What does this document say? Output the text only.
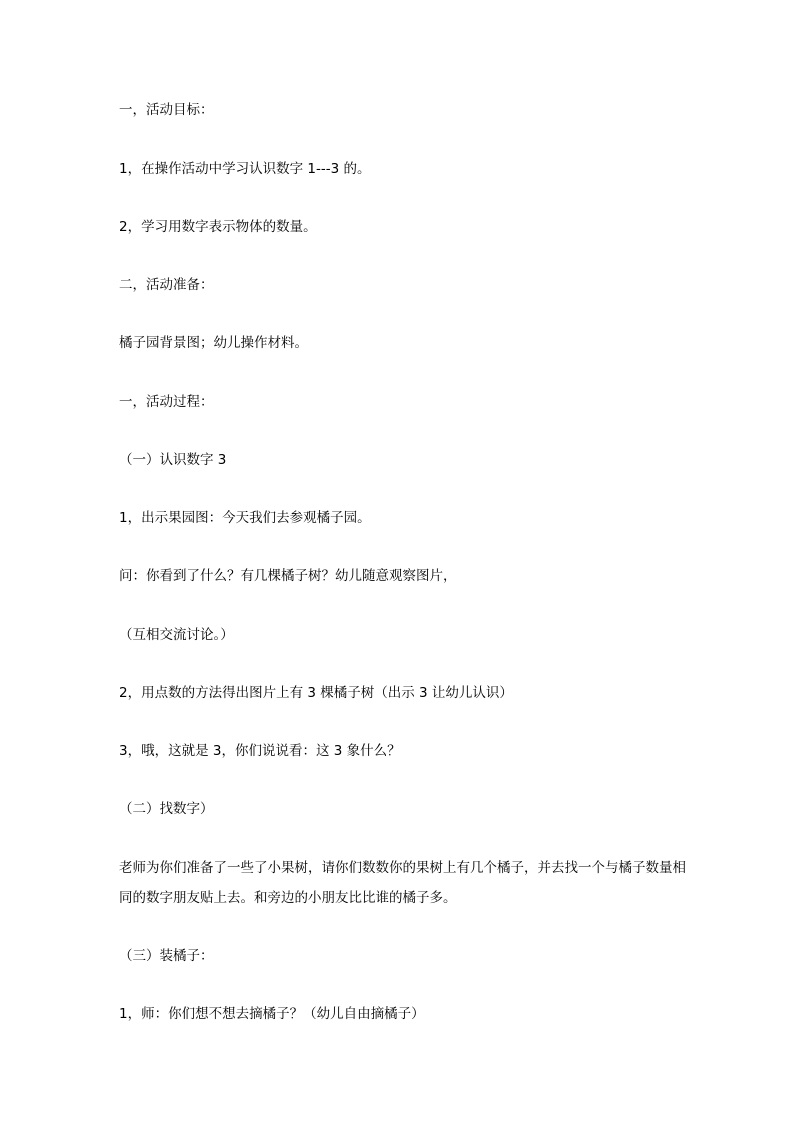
一，活动目标：
1，在操作活动中学习认识数字 1---3 的。
2，学习用数字表示物体的数量。
二，活动准备：
橘子园背景图；幼儿操作材料。
一，活动过程：
（一）认识数字 3
1，出示果园图：今天我们去参观橘子园。
问：你看到了什么？有几棵橘子树？幼儿随意观察图片，
（互相交流讨论。）
2，用点数的方法得出图片上有 3 棵橘子树（出示 3 让幼儿认识）
3，哦，这就是 3，你们说说看：这 3 象什么？
（二）找数字）
老师为你们准备了一些了小果树，请你们数数你的果树上有几个橘子，并去找一个与橘子数量相同的数字朋友贴上去。和旁边的小朋友比比谁的橘子多。
（三）装橘子：
1，师：你们想不想去摘橘子？（幼儿自由摘橘子）
